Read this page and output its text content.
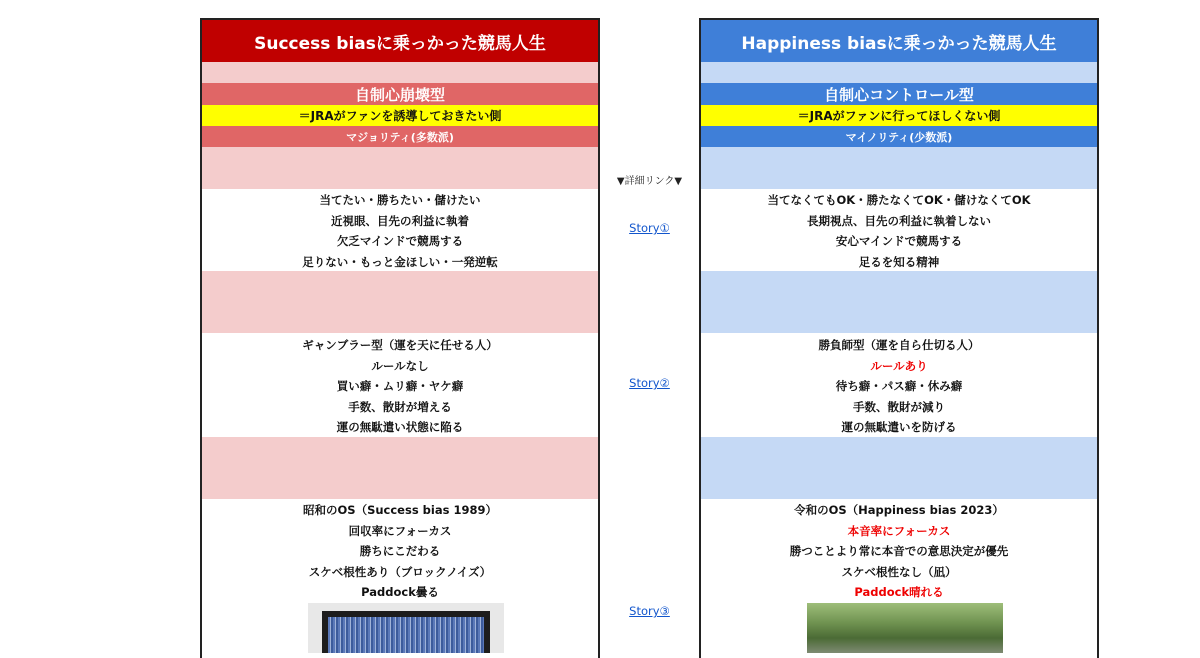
Success biasに乗っかった競馬人生
自制心崩壊型
＝JRAがファンを誘導しておきたい側
マジョリティ(多数派)
当てたい・勝ちたい・儲けたい
近視眼、目先の利益に執着
欠乏マインドで競馬する
足りない・もっと金ほしい・一発逆転
ギャンブラー型（運を天に任せる人）
ルールなし
買い癖・ムリ癖・ヤケ癖
手数、散財が増える
運の無駄遣い状態に陥る
昭和のOS（Success bias 1989）
回収率にフォーカス
勝ちにこだわる
スケベ根性あり（ブロックノイズ）
Paddock曇る
▼詳細リンク▼
Story①
Story②
Story③
Happiness biasに乗っかった競馬人生
自制心コントロール型
＝JRAがファンに行ってほしくない側
マイノリティ(少数派)
当てなくてもOK・勝たなくてOK・儲けなくてOK
長期視点、目先の利益に執着しない
安心マインドで競馬する
足るを知る精神
勝負師型（運を自ら仕切る人）
ルールあり
待ち癖・パス癖・休み癖
手数、散財が減り
運の無駄遣いを防げる
令和のOS（Happiness bias 2023）
本音率にフォーカス
勝つことより常に本音での意思決定が優先
スケベ根性なし（凪）
Paddock晴れる
